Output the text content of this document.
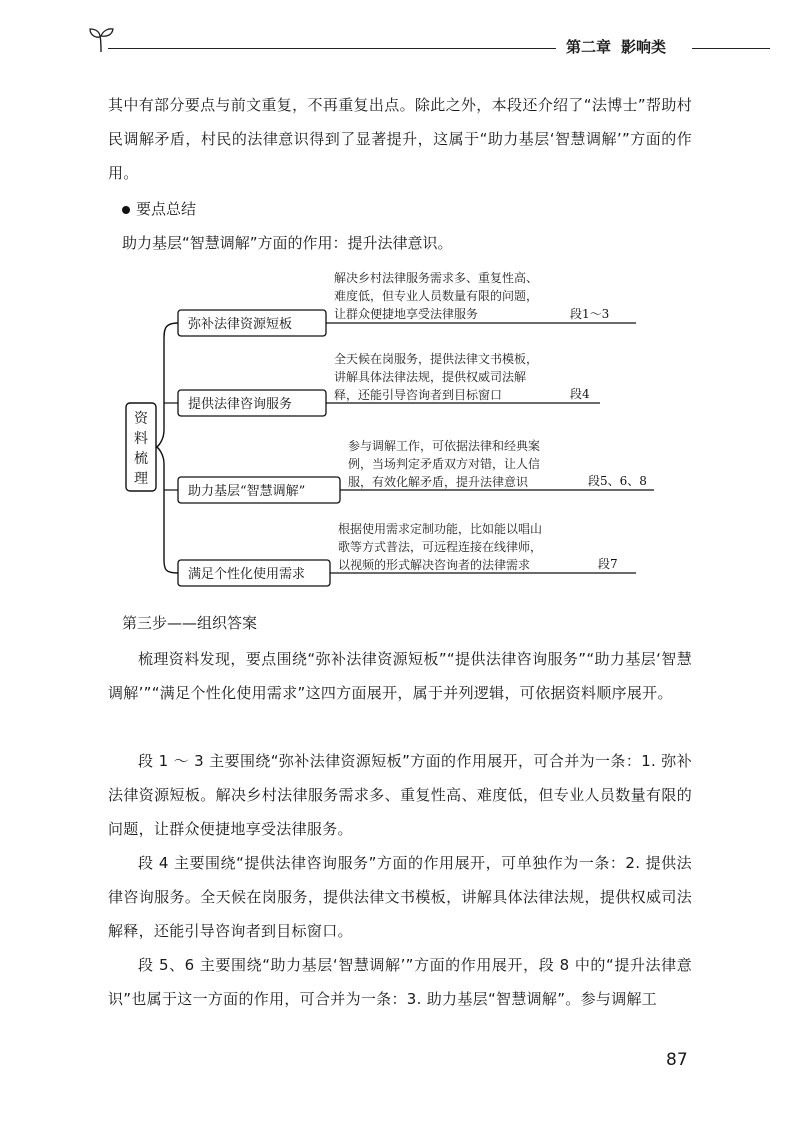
第二章 影响类

其中有部分要点与前文重复，不再重复出点。除此之外，本段还介绍了“法博士”帮助村民调解矛盾，村民的法律意识得到了显著提升，这属于“助力基层‘智慧调解’”方面的作用。

要点总结
助力基层“智慧调解”方面的作用：提升法律意识。
资
料
梳
理
弥补法律资源短板
解决乡村法律服务需求多、重复性高、
难度低，但专业人员数量有限的问题，
让群众便捷地享受法律服务	段1～3
提供法律咨询服务
全天候在岗服务，提供法律文书模板，
讲解具体法律法规，提供权威司法解
释，还能引导咨询者到目标窗口	段4
助力基层“智慧调解”
参与调解工作，可依据法律和经典案
例，当场判定矛盾双方对错，让人信
服，有效化解矛盾，提升法律意识	段5、6、8
满足个性化使用需求
根据使用需求定制功能，比如能以唱山
歌等方式普法，可远程连接在线律师，
以视频的形式解决咨询者的法律需求	段7
第三步——组织答案

梳理资料发现，要点围绕“弥补法律资源短板”“提供法律咨询服务”“助力基层‘智慧调解’”“满足个性化使用需求”这四方面展开，属于并列逻辑，可依据资料顺序展开。

段 1 ～ 3 主要围绕“弥补法律资源短板”方面的作用展开，可合并为一条：1. 弥补法律资源短板。解决乡村法律服务需求多、重复性高、难度低，但专业人员数量有限的问题，让群众便捷地享受法律服务。

段 4 主要围绕“提供法律咨询服务”方面的作用展开，可单独作为一条：2. 提供法律咨询服务。全天候在岗服务，提供法律文书模板，讲解具体法律法规，提供权威司法解释，还能引导咨询者到目标窗口。

段 5、6 主要围绕“助力基层‘智慧调解’”方面的作用展开，段 8 中的“提升法律意识”也属于这一方面的作用，可合并为一条：3. 助力基层“智慧调解”。参与调解工

87
